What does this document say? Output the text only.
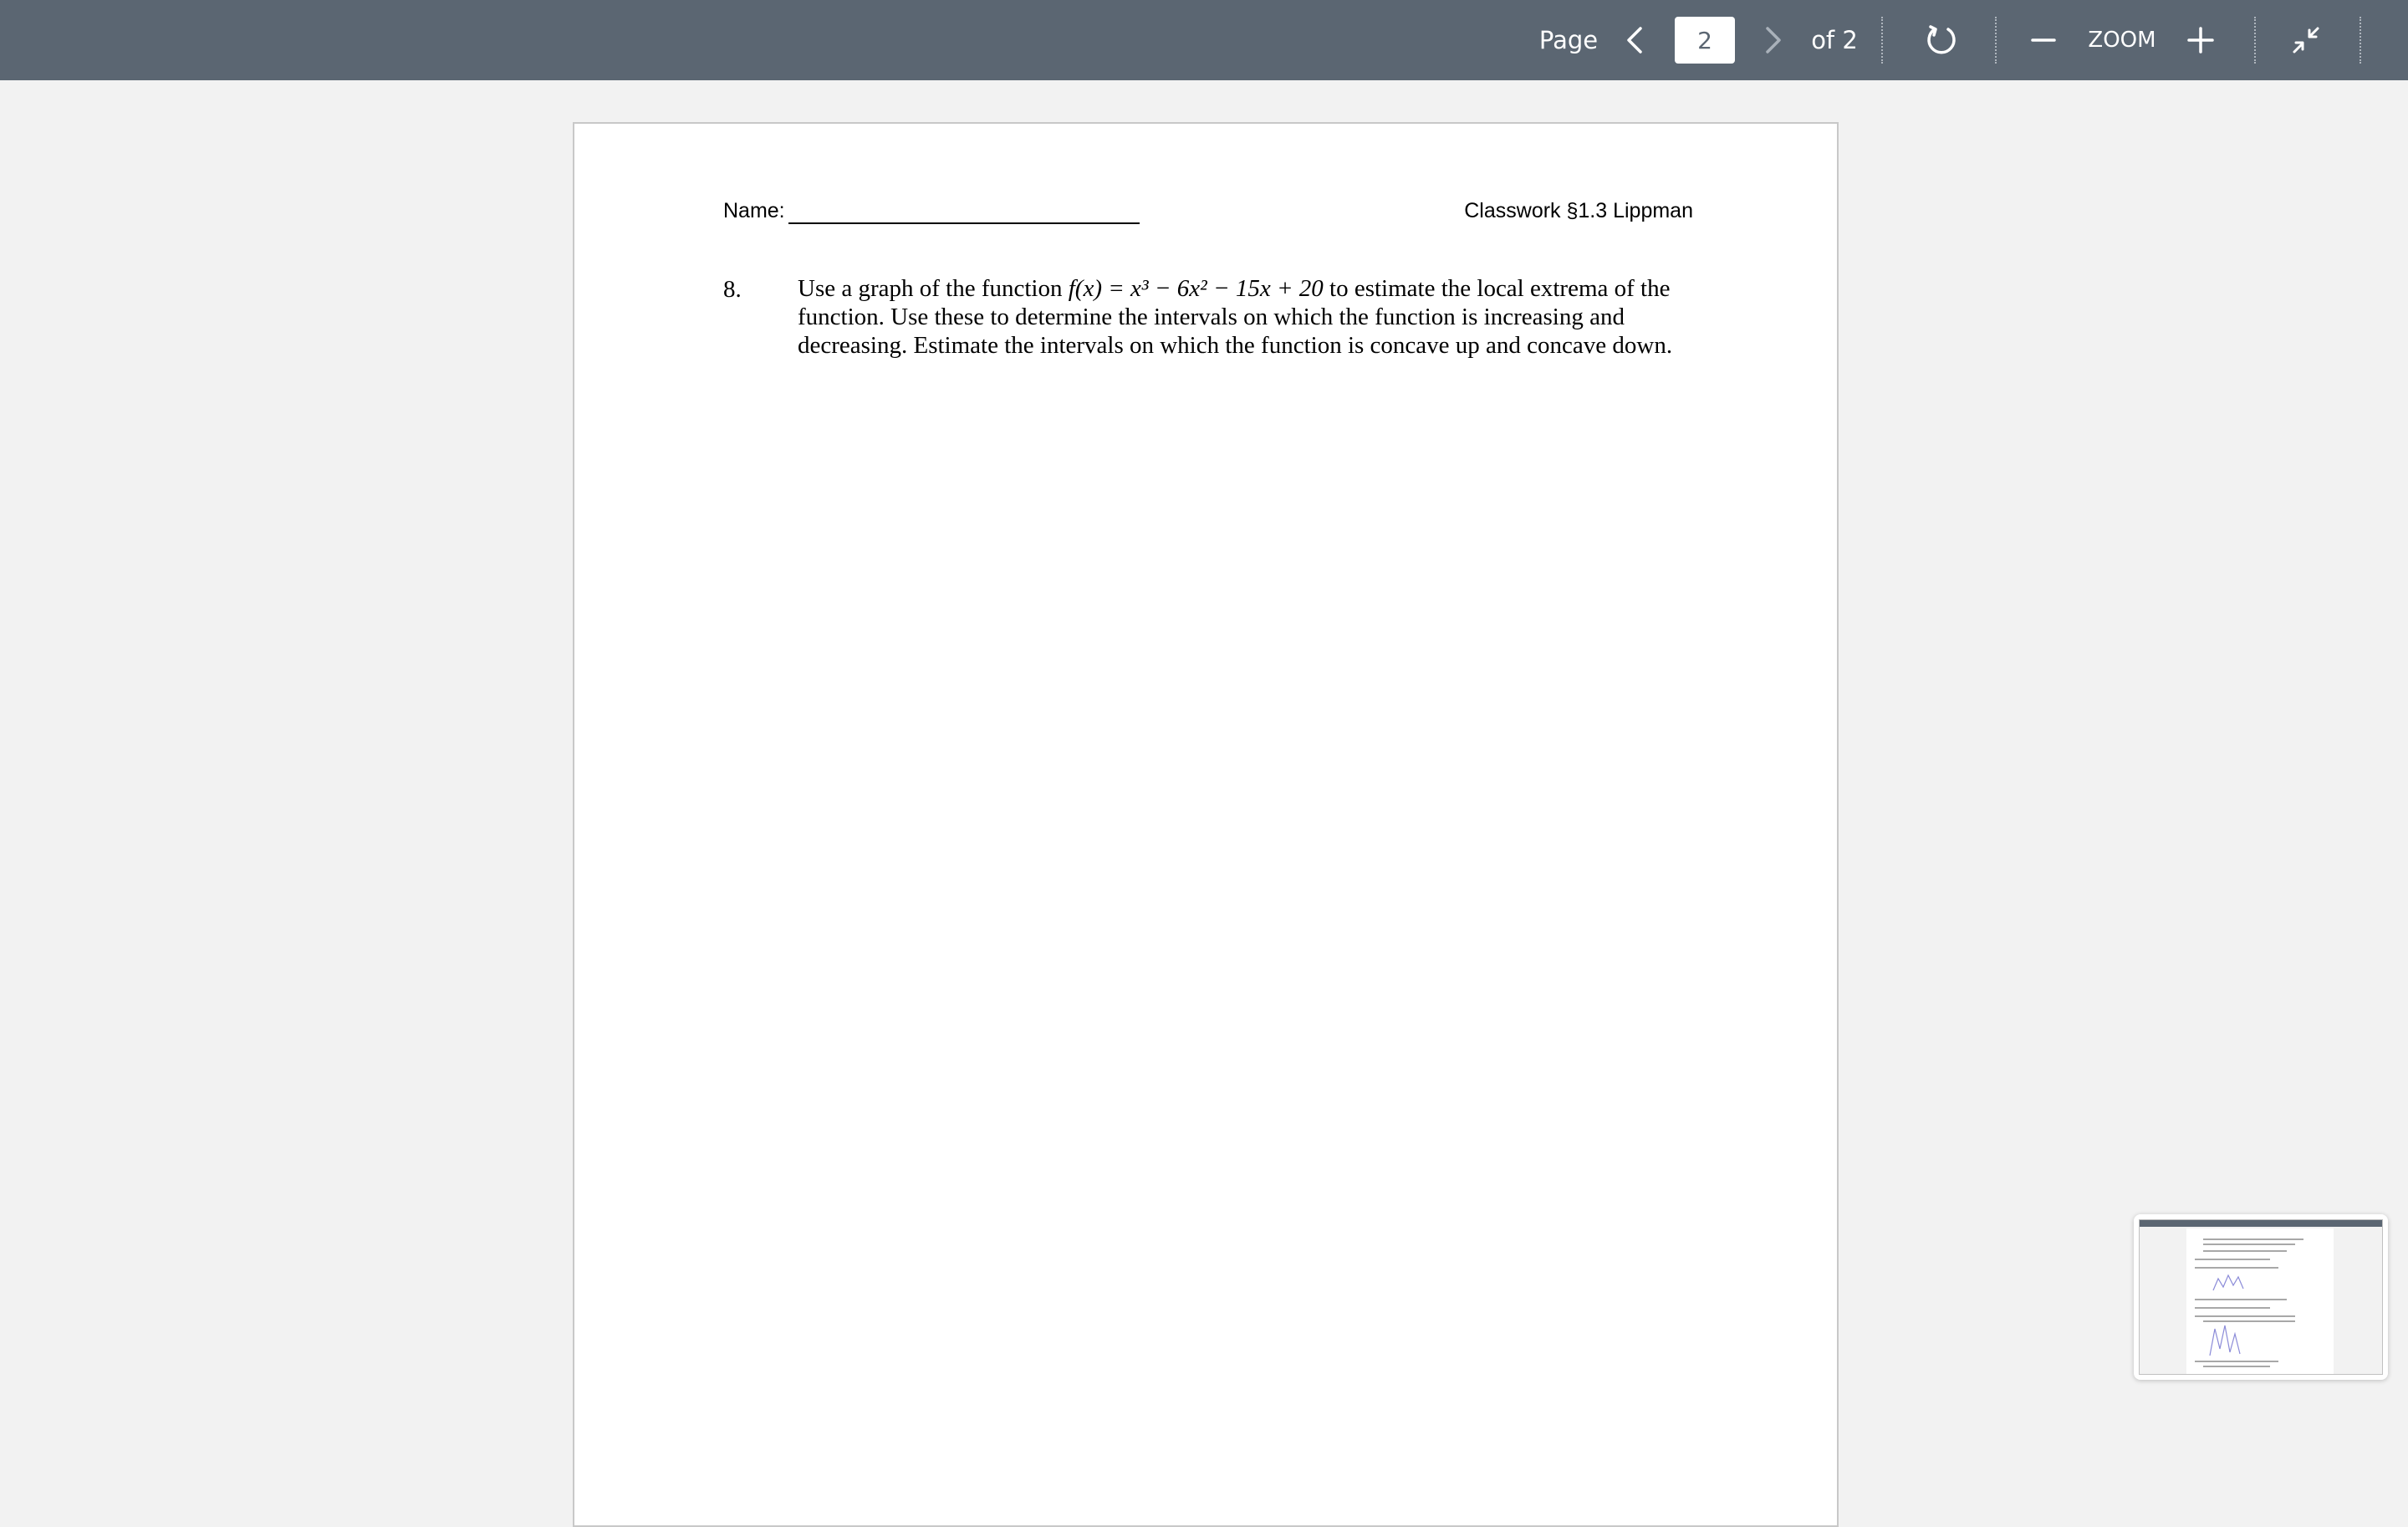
Page
2	of 2	ZOOM
Name:	Classwork §1.3 Lippman
8. Use a graph of the function f(x) = x³ − 6x² − 15x + 20 to estimate the local extrema of the function. Use these to determine the intervals on which the function is increasing and decreasing. Estimate the intervals on which the function is concave up and concave down.
